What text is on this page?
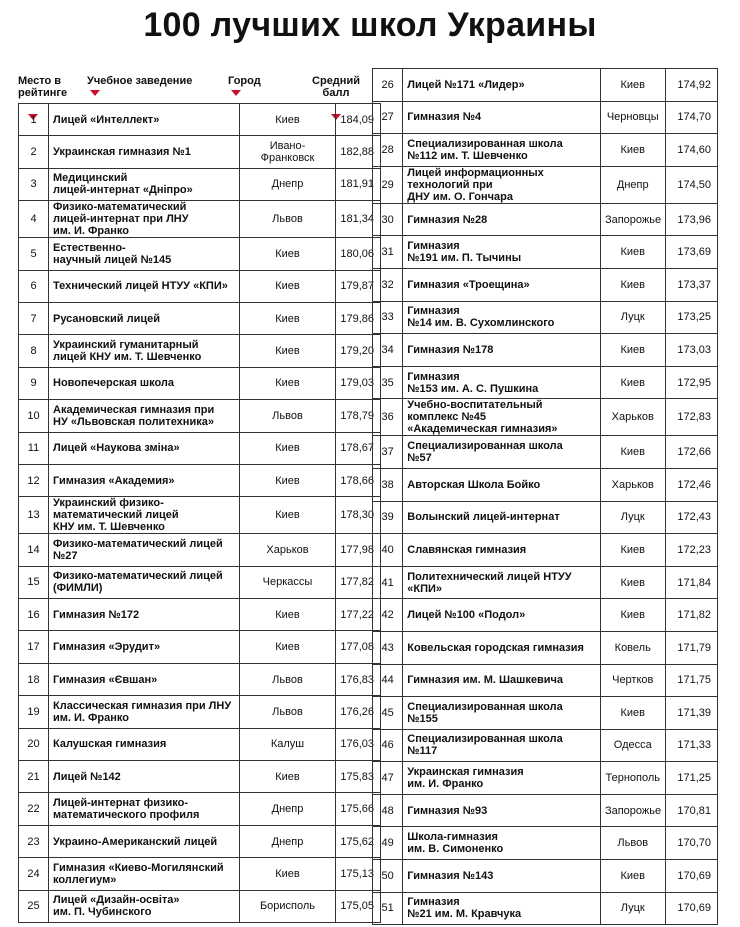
100 лучших школ Украины

Место в
рейтинге

Учебное заведение	Город	Средний
балл

1	Лицей «Интеллект»	Киев	184,09
2	Украинская гимназия №1	Ивано-
Франковск	182,88
3	Медицинский
лицей-интернат «Дніпро»	Днепр	181,91
4	Физико-математический
лицей-интернат при ЛНУ
им. И. Франко	Львов	181,34
5	Естественно-
научный лицей №145	Киев	180,06
6	Технический лицей НТУУ «КПИ»	Киев	179,87
7	Русановский лицей	Киев	179,86
8	Украинский гуманитарный
лицей КНУ им. Т. Шевченко	Киев	179,20
9	Новопечерская школа	Киев	179,03
10	Академическая гимназия при
НУ «Львовская политехника»	Львов	178,79
11	Лицей «Наукова зміна»	Киев	178,67
12	Гимназия «Академия»	Киев	178,66
13	Украинский физико-
математический лицей
КНУ им. Т. Шевченко	Киев	178,30
14	Физико-математический лицей
№27	Харьков	177,98
15	Физико-математический лицей
(ФИМЛИ)	Черкассы	177,82
16	Гимназия №172	Киев	177,22
17	Гимназия «Эрудит»	Киев	177,08
18	Гимназия «Євшан»	Львов	176,83
19	Классическая гимназия при ЛНУ
им. И. Франко	Львов	176,26
20	Калушская гимназия	Калуш	176,03
21	Лицей №142	Киев	175,83
22	Лицей-интернат физико-
математического профиля	Днепр	175,66
23	Украино-Американский лицей	Днепр	175,62
24	Гимназия «Киево-Могилянский
коллегиум»	Киев	175,13
25	Лицей «Дизайн-освіта»
им. П. Чубинского	Борисполь	175,05
26	Лицей №171 «Лидер»	Киев	174,92
27	Гимназия №4	Черновцы	174,70
28	Специализированная школа
№112 им. Т. Шевченко	Киев	174,60
29	Лицей информационных
технологий при
ДНУ им. О. Гончара	Днепр	174,50
30	Гимназия №28	Запорожье	173,96
31	Гимназия
№191 им. П. Тычины	Киев	173,69
32	Гимназия «Троещина»	Киев	173,37
33	Гимназия
№14 им. В. Сухомлинского	Луцк	173,25
34	Гимназия №178	Киев	173,03
35	Гимназия
№153 им. А. С. Пушкина	Киев	172,95
36	Учебно-воспитательный
комплекс №45
«Академическая гимназия»	Харьков	172,83
37	Специализированная школа
№57	Киев	172,66
38	Авторская Школа Бойко	Харьков	172,46
39	Волынский лицей-интернат	Луцк	172,43
40	Славянская гимназия	Киев	172,23
41	Политехнический лицей НТУУ
«КПИ»	Киев	171,84
42	Лицей №100 «Подол»	Киев	171,82
43	Ковельская городская гимназия	Ковель	171,79
44	Гимназия им. М. Шашкевича	Чертков	171,75
45	Специализированная школа
№155	Киев	171,39
46	Специализированная школа
№117	Одесса	171,33
47	Украинская гимназия
им. И. Франко	Тернополь	171,25
48	Гимназия №93	Запорожье	170,81
49	Школа-гимназия
им. В. Симоненко	Львов	170,70
50	Гимназия №143	Киев	170,69
51	Гимназия
№21 им. М. Кравчука	Луцк	170,69
